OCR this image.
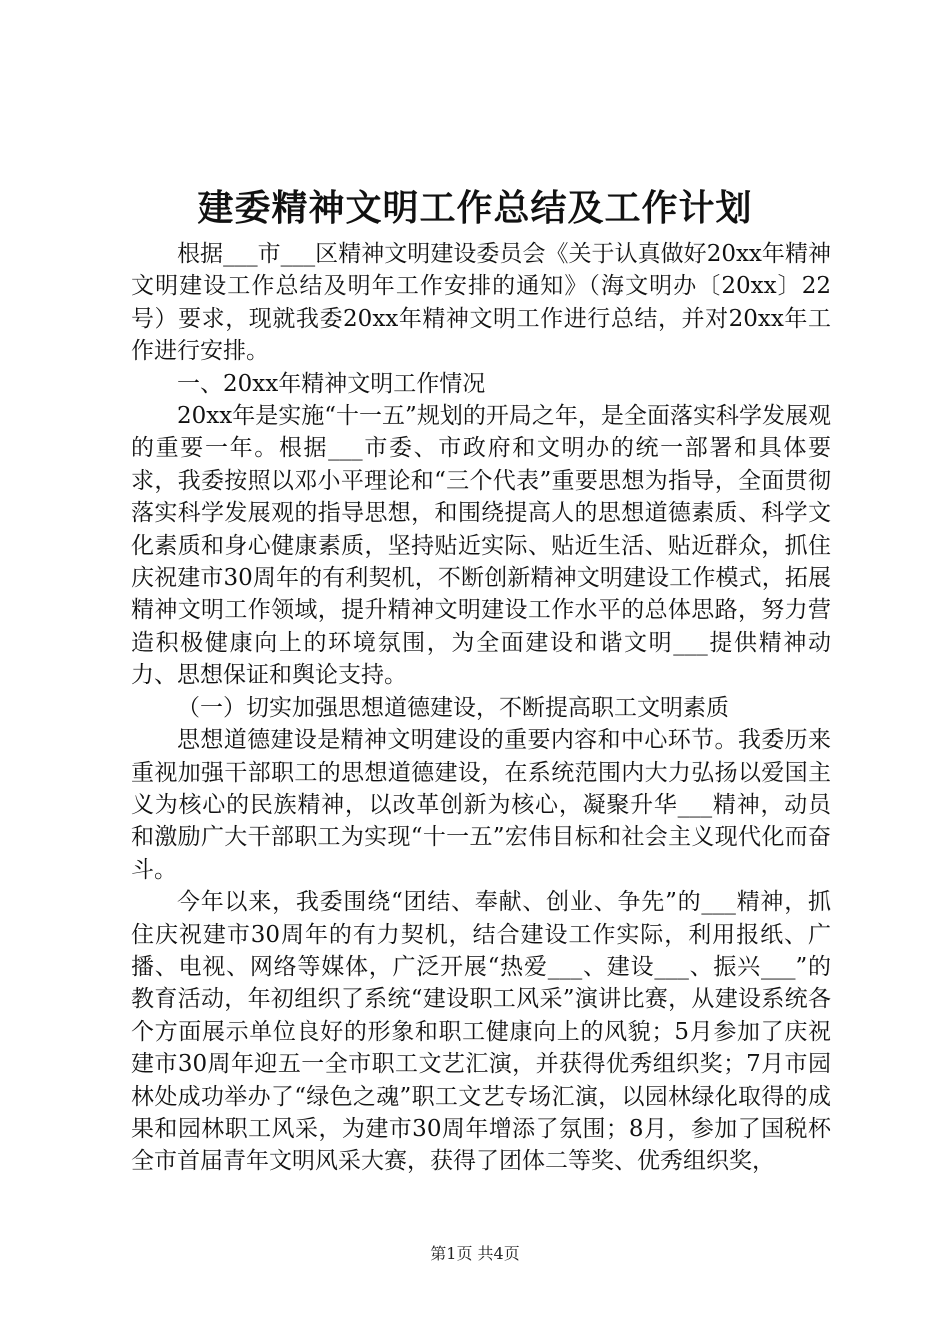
建委精神文明工作总结及工作计划

根据___市___区精神文明建设委员会《关于认真做好20xx年精神文明建设工作总结及明年工作安排的通知》（海文明办〔20xx〕22号）要求，现就我委20xx年精神文明工作进行总结，并对20xx年工作进行安排。

一、20xx年精神文明工作情况

20xx年是实施“十一五”规划的开局之年，是全面落实科学发展观的重要一年。根据___市委、市政府和文明办的统一部署和具体要求，我委按照以邓小平理论和“三个代表”重要思想为指导，全面贯彻落实科学发展观的指导思想，和围绕提高人的思想道德素质、科学文化素质和身心健康素质，坚持贴近实际、贴近生活、贴近群众，抓住庆祝建市30周年的有利契机，不断创新精神文明建设工作模式，拓展精神文明工作领域，提升精神文明建设工作水平的总体思路，努力营造积极健康向上的环境氛围，为全面建设和谐文明___提供精神动力、思想保证和舆论支持。

（一）切实加强思想道德建设，不断提高职工文明素质

思想道德建设是精神文明建设的重要内容和中心环节。我委历来重视加强干部职工的思想道德建设，在系统范围内大力弘扬以爱国主义为核心的民族精神，以改革创新为核心，凝聚升华___精神，动员和激励广大干部职工为实现“十一五”宏伟目标和社会主义现代化而奋斗。

今年以来，我委围绕“团结、奉献、创业、争先”的___精神，抓住庆祝建市30周年的有力契机，结合建设工作实际，利用报纸、广播、电视、网络等媒体，广泛开展“热爱___、建设___、振兴___”的教育活动，年初组织了系统“建设职工风采”演讲比赛，从建设系统各个方面展示单位良好的形象和职工健康向上的风貌；5月参加了庆祝建市30周年迎五一全市职工文艺汇演，并获得优秀组织奖；7月市园林处成功举办了“绿色之魂”职工文艺专场汇演，以园林绿化取得的成果和园林职工风采，为建市30周年增添了氛围；8月，参加了国税杯全市首届青年文明风采大赛，获得了团体二等奖、优秀组织奖，

第1页 共4页
